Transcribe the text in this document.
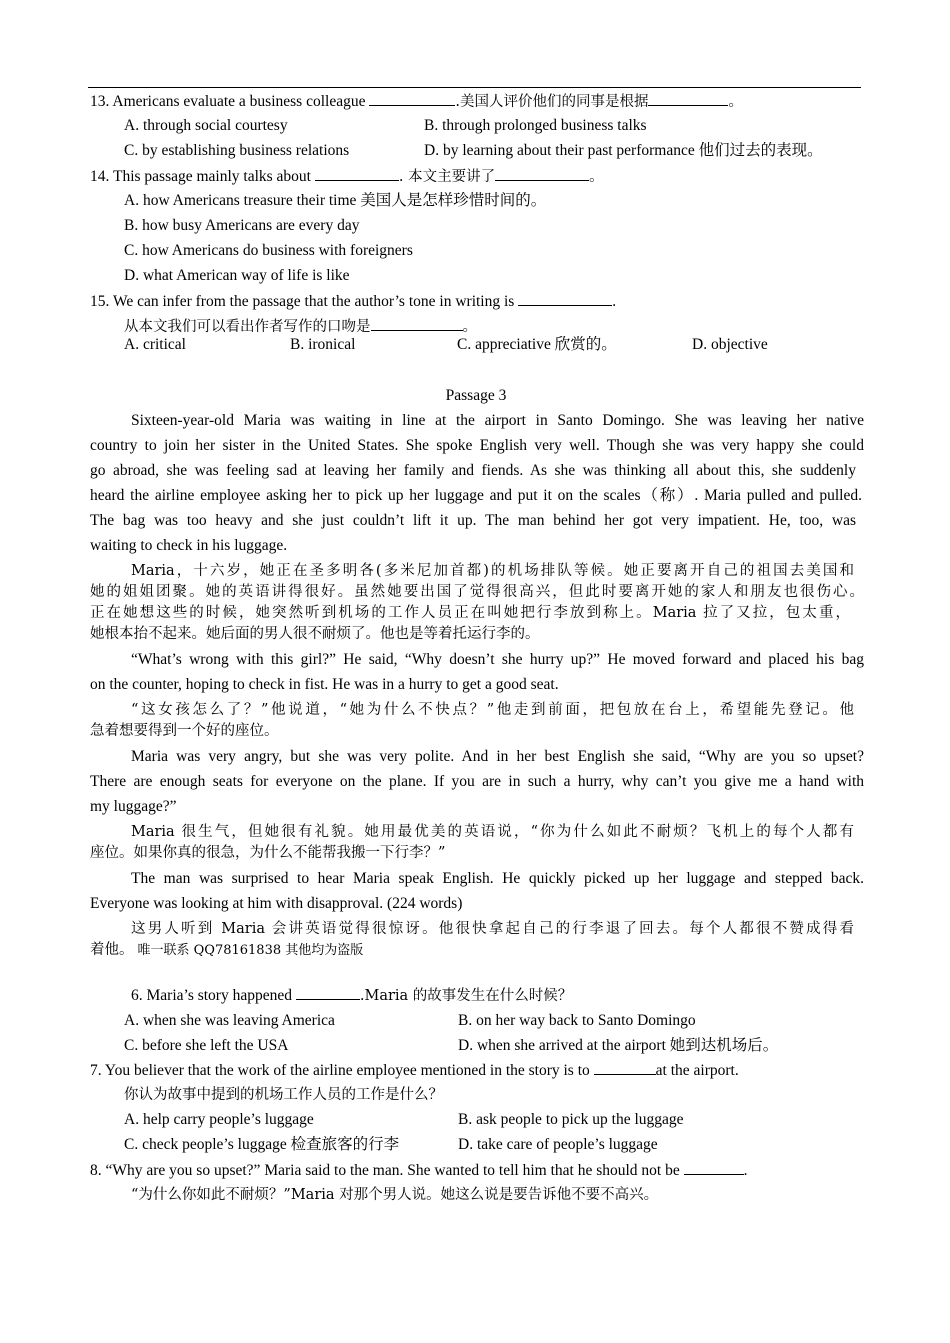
13. Americans evaluate a business colleague	.美国人评价他们的同事是根据	。
A. through social courtesy	B. through prolonged business talks
C. by establishing business relations	D. by learning about their past performance 他们过去的表现。
14. This passage mainly talks about	. 本文主要讲了	。
A. how Americans treasure their time 美国人是怎样珍惜时间的。
B. how busy Americans are every day
C. how Americans do business with foreigners
D. what American way of life is like
15. We can infer from the passage that the author’s tone in writing is	.
从本文我们可以看出作者写作的口吻是	。
A. critical	B. ironical	C. appreciative 欣赏的。	D. objective
Passage 3
Sixteen-year-old Maria was waiting in line at the airport in Santo Domingo. She was leaving her native
country to join her sister in the United States. She spoke English very well. Though she was very happy she could
go abroad, she was feeling sad at leaving her family and fiends. As she was thinking all about this, she suddenly
heard the airline employee asking her to pick up her luggage and put it on the scales（称）. Maria pulled and pulled.
The bag was too heavy and she just couldn’t lift it up. The man behind her got very impatient. He, too, was
waiting to check in his luggage.
Maria，十六岁，她正在圣多明各(多米尼加首都)的机场排队等候。她正要离开自己的祖国去美国和
她的姐姐团聚。她的英语讲得很好。虽然她要出国了觉得很高兴，但此时要离开她的家人和朋友也很伤心。
正在她想这些的时候，她突然听到机场的工作人员正在叫她把行李放到称上。Maria 拉了又拉，包太重，
她根本抬不起来。她后面的男人很不耐烦了。他也是等着托运行李的。
“What’s wrong with this girl?” He said, “Why doesn’t she hurry up?” He moved forward and placed his bag
on the counter, hoping to check in fist. He was in a hurry to get a good seat.
“这女孩怎么了？”他说道，“她为什么不快点？”他走到前面，把包放在台上，希望能先登记。他
急着想要得到一个好的座位。
Maria was very angry, but she was very polite. And in her best English she said, “Why are you so upset?
There are enough seats for everyone on the plane. If you are in such a hurry, why can’t you give me a hand with
my luggage?”
Maria 很生气，但她很有礼貌。她用最优美的英语说，“你为什么如此不耐烦？飞机上的每个人都有
座位。如果你真的很急，为什么不能帮我搬一下行李？”
The man was surprised to hear Maria speak English. He quickly picked up her luggage and stepped back.
Everyone was looking at him with disapproval. (224 words)
这男人听到 Maria 会讲英语觉得很惊讶。他很快拿起自己的行李退了回去。每个人都很不赞成得看
着他。 唯一联系 QQ78161838 其他均为盗版
6. Maria’s story happened	.Maria 的故事发生在什么时候？
A. when she was leaving America	B. on her way back to Santo Domingo
C. before she left the USA	D. when she arrived at the airport 她到达机场后。
7. You believer that the work of the airline employee mentioned in the story is to	at the airport.
你认为故事中提到的机场工作人员的工作是什么？
A. help carry people’s luggage	B. ask people to pick up the luggage
C. check people’s luggage 检查旅客的行李	D. take care of people’s luggage
8. “Why are you so upset?” Maria said to the man. She wanted to tell him that he should not be	.
“为什么你如此不耐烦？”Maria 对那个男人说。她这么说是要告诉他不要不高兴。
